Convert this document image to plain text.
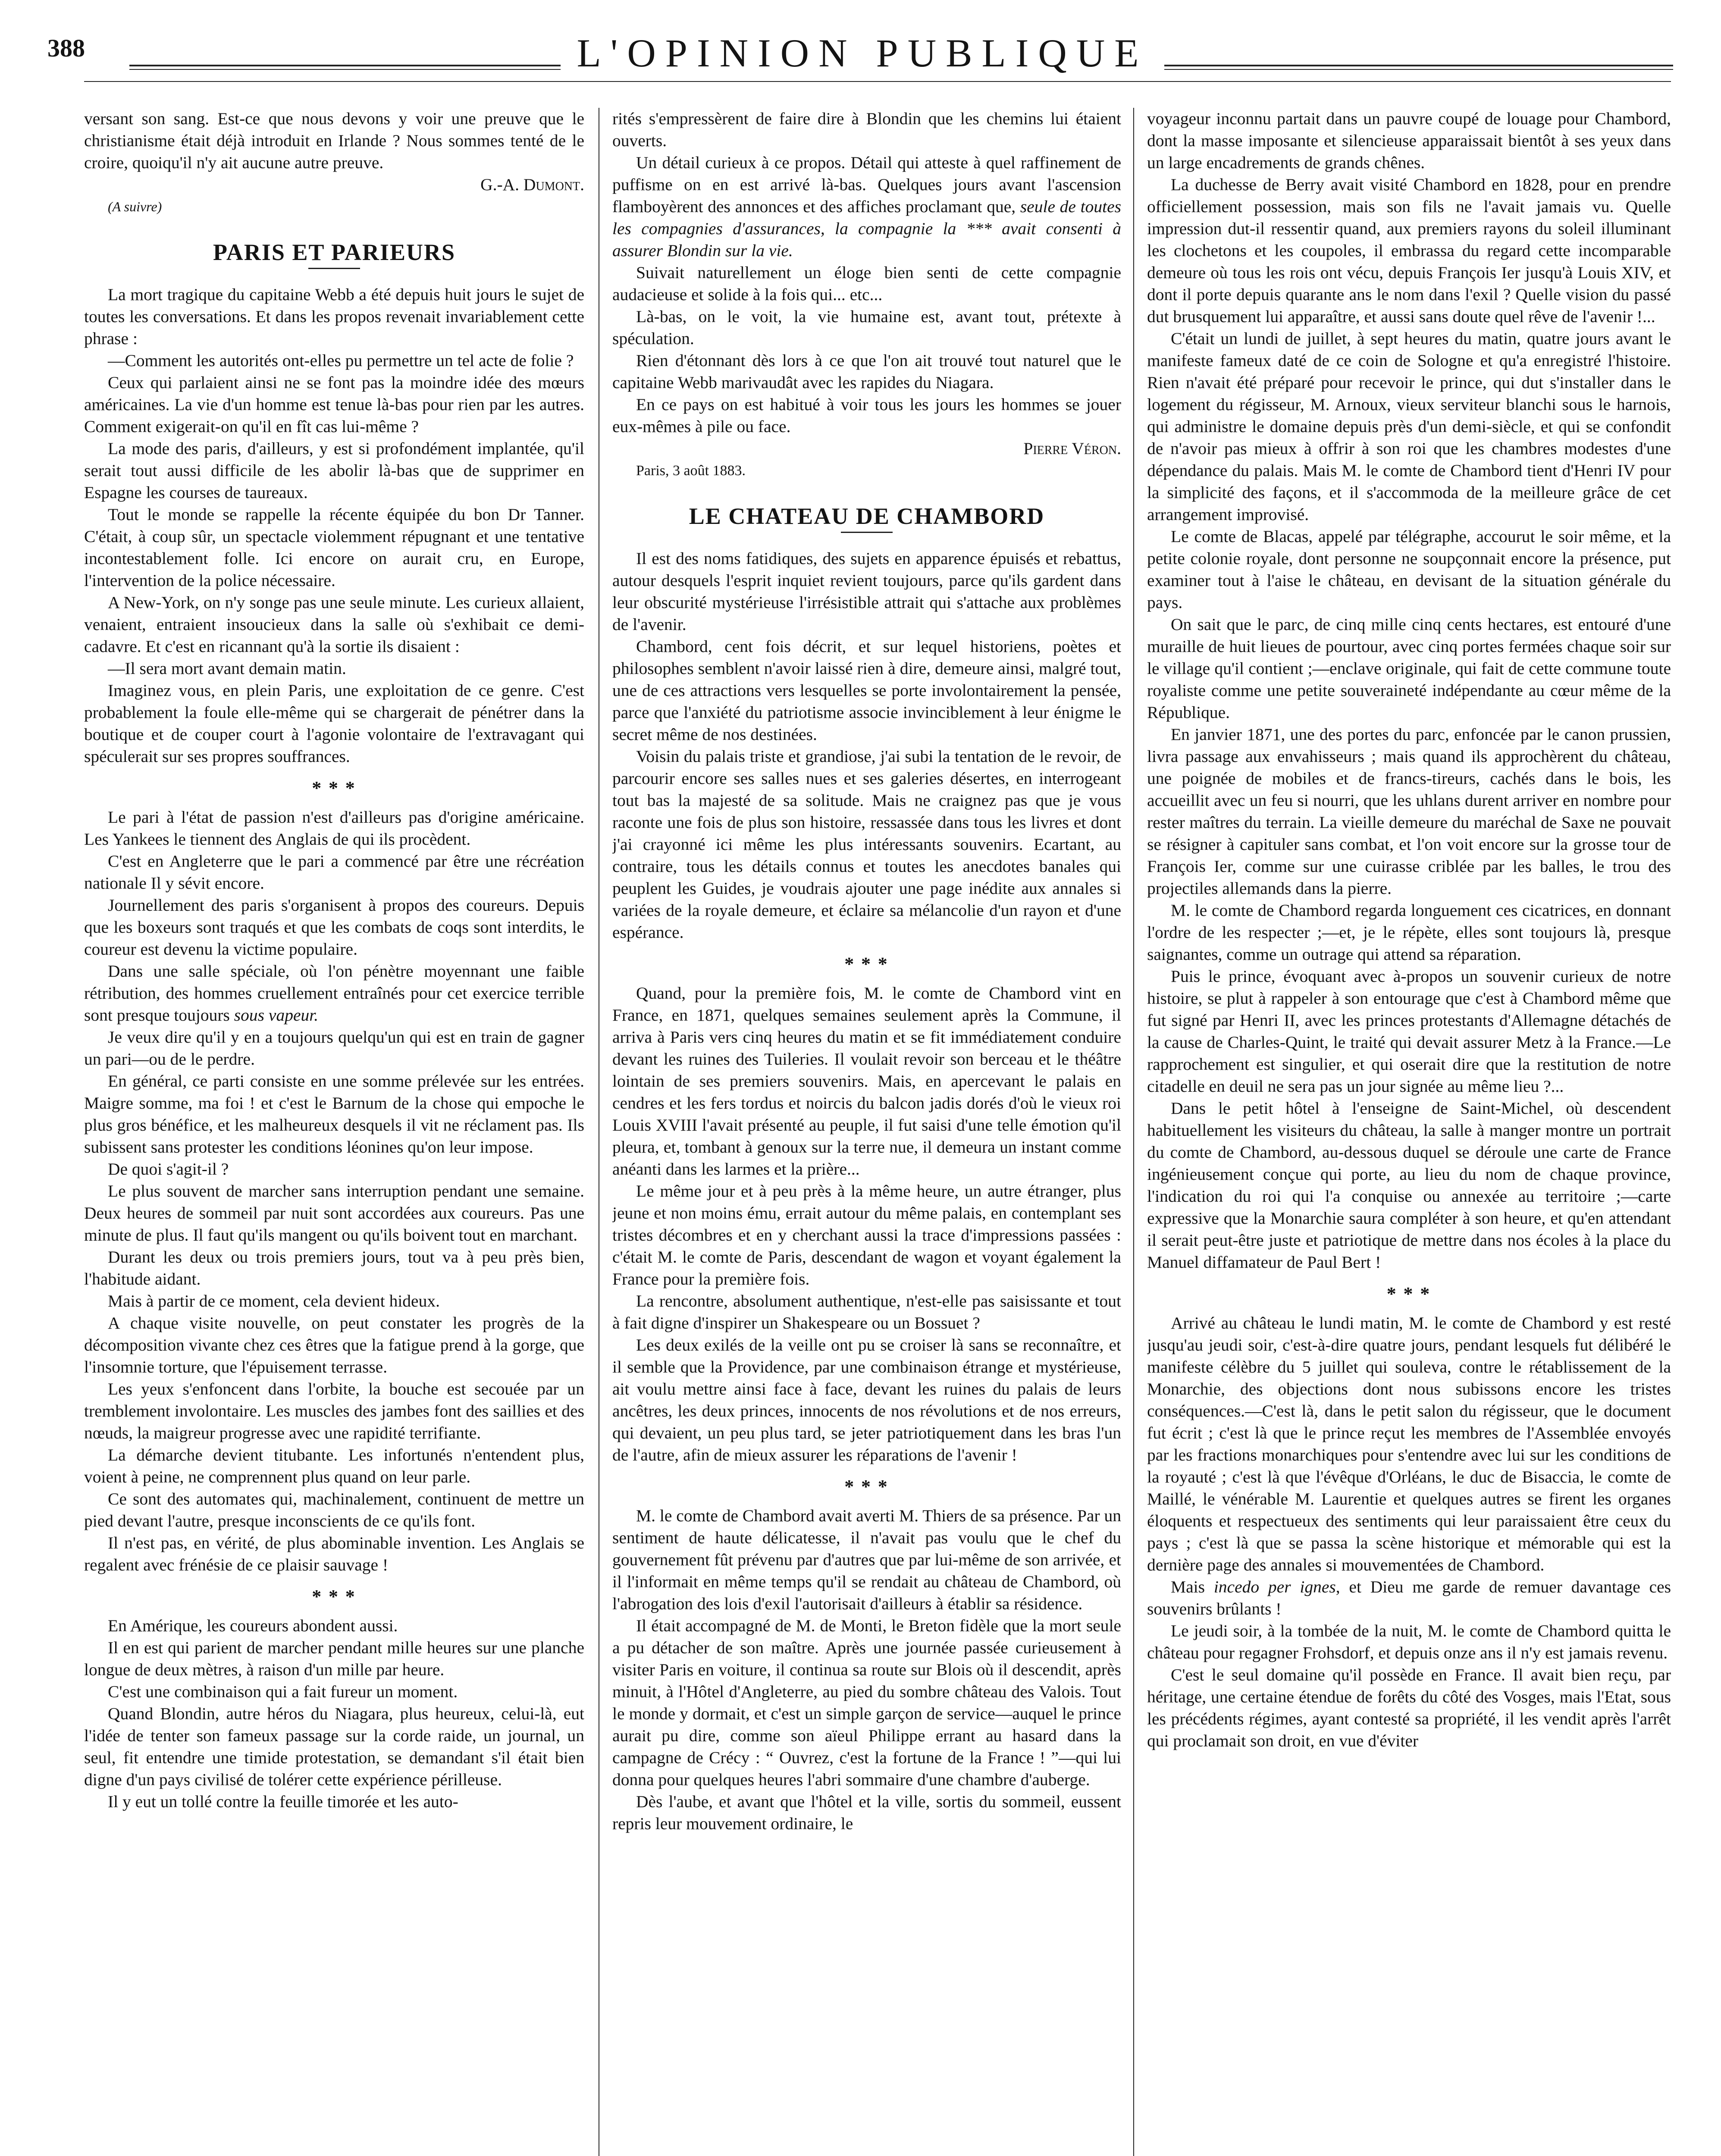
388	L'OPINION PUBLIQUE

versant son sang. Est-ce que nous devons y voir une preuve que le christianisme était déjà introduit en Irlande ? Nous sommes tenté de le croire, quoiqu'il n'y ait aucune autre preuve.

G.-A. Dumont.

(A suivre)

PARIS ET PARIEURS

La mort tragique du capitaine Webb a été depuis huit jours le sujet de toutes les conversations. Et dans les propos revenait invariablement cette phrase :

—Comment les autorités ont-elles pu permettre un tel acte de folie ?

Ceux qui parlaient ainsi ne se font pas la moindre idée des mœurs américaines. La vie d'un homme est tenue là-bas pour rien par les autres. Comment exigerait-on qu'il en fît cas lui-même ?

La mode des paris, d'ailleurs, y est si profondément implantée, qu'il serait tout aussi difficile de les abolir là-bas que de supprimer en Espagne les courses de taureaux.

Tout le monde se rappelle la récente équipée du bon Dr Tanner. C'était, à coup sûr, un spectacle violemment répugnant et une tentative incontestablement folle. Ici encore on aurait cru, en Europe, l'intervention de la police nécessaire.

A New-York, on n'y songe pas une seule minute. Les curieux allaient, venaient, entraient insoucieux dans la salle où s'exhibait ce demi-cadavre. Et c'est en ricannant qu'à la sortie ils disaient :

—Il sera mort avant demain matin.

Imaginez vous, en plein Paris, une exploitation de ce genre. C'est probablement la foule elle-même qui se chargerait de pénétrer dans la boutique et de couper court à l'agonie volontaire de l'extravagant qui spéculerait sur ses propres souffrances.

* * *

Le pari à l'état de passion n'est d'ailleurs pas d'origine américaine. Les Yankees le tiennent des Anglais de qui ils procèdent.

C'est en Angleterre que le pari a commencé par être une récréation nationale Il y sévit encore.

Journellement des paris s'organisent à propos des coureurs. Depuis que les boxeurs sont traqués et que les combats de coqs sont interdits, le coureur est devenu la victime populaire.

Dans une salle spéciale, où l'on pénètre moyennant une faible rétribution, des hommes cruellement entraînés pour cet exercice terrible sont presque toujours sous vapeur.

Je veux dire qu'il y en a toujours quelqu'un qui est en train de gagner un pari—ou de le perdre.

En général, ce parti consiste en une somme prélevée sur les entrées. Maigre somme, ma foi ! et c'est le Barnum de la chose qui empoche le plus gros bénéfice, et les malheureux desquels il vit ne réclament pas. Ils subissent sans protester les conditions léonines qu'on leur impose.

De quoi s'agit-il ?

Le plus souvent de marcher sans interruption pendant une semaine. Deux heures de sommeil par nuit sont accordées aux coureurs. Pas une minute de plus. Il faut qu'ils mangent ou qu'ils boivent tout en marchant.

Durant les deux ou trois premiers jours, tout va à peu près bien, l'habitude aidant.

Mais à partir de ce moment, cela devient hideux.

A chaque visite nouvelle, on peut constater les progrès de la décomposition vivante chez ces êtres que la fatigue prend à la gorge, que l'insomnie torture, que l'épuisement terrasse.

Les yeux s'enfoncent dans l'orbite, la bouche est secouée par un tremblement involontaire. Les muscles des jambes font des saillies et des nœuds, la maigreur progresse avec une rapidité terrifiante.

La démarche devient titubante. Les infortunés n'entendent plus, voient à peine, ne comprennent plus quand on leur parle.

Ce sont des automates qui, machinalement, continuent de mettre un pied devant l'autre, presque inconscients de ce qu'ils font.

Il n'est pas, en vérité, de plus abominable invention. Les Anglais se regalent avec frénésie de ce plaisir sauvage !

* * *

En Amérique, les coureurs abondent aussi.

Il en est qui parient de marcher pendant mille heures sur une planche longue de deux mètres, à raison d'un mille par heure.

C'est une combinaison qui a fait fureur un moment.

Quand Blondin, autre héros du Niagara, plus heureux, celui-là, eut l'idée de tenter son fameux passage sur la corde raide, un journal, un seul, fit entendre une timide protestation, se demandant s'il était bien digne d'un pays civilisé de tolérer cette expérience périlleuse.

Il y eut un tollé contre la feuille timorée et les auto-

rités s'empressèrent de faire dire à Blondin que les chemins lui étaient ouverts.

Un détail curieux à ce propos. Détail qui atteste à quel raffinement de puffisme on en est arrivé là-bas. Quelques jours avant l'ascension flamboyèrent des annonces et des affiches proclamant que, seule de toutes les compagnies d'assurances, la compagnie la *** avait consenti à assurer Blondin sur la vie.

Suivait naturellement un éloge bien senti de cette compagnie audacieuse et solide à la fois qui... etc...

Là-bas, on le voit, la vie humaine est, avant tout, prétexte à spéculation.

Rien d'étonnant dès lors à ce que l'on ait trouvé tout naturel que le capitaine Webb marivaudât avec les rapides du Niagara.

En ce pays on est habitué à voir tous les jours les hommes se jouer eux-mêmes à pile ou face.

Pierre Véron.

Paris, 3 août 1883.

LE CHATEAU DE CHAMBORD

Il est des noms fatidiques, des sujets en apparence épuisés et rebattus, autour desquels l'esprit inquiet revient toujours, parce qu'ils gardent dans leur obscurité mystérieuse l'irrésistible attrait qui s'attache aux problèmes de l'avenir.

Chambord, cent fois décrit, et sur lequel historiens, poètes et philosophes semblent n'avoir laissé rien à dire, demeure ainsi, malgré tout, une de ces attractions vers lesquelles se porte involontairement la pensée, parce que l'anxiété du patriotisme associe invinciblement à leur énigme le secret même de nos destinées.

Voisin du palais triste et grandiose, j'ai subi la tentation de le revoir, de parcourir encore ses salles nues et ses galeries désertes, en interrogeant tout bas la majesté de sa solitude. Mais ne craignez pas que je vous raconte une fois de plus son histoire, ressassée dans tous les livres et dont j'ai crayonné ici même les plus intéressants souvenirs. Ecartant, au contraire, tous les détails connus et toutes les anecdotes banales qui peuplent les Guides, je voudrais ajouter une page inédite aux annales si variées de la royale demeure, et éclaire sa mélancolie d'un rayon et d'une espérance.

* * *

Quand, pour la première fois, M. le comte de Chambord vint en France, en 1871, quelques semaines seulement après la Commune, il arriva à Paris vers cinq heures du matin et se fit immédiatement conduire devant les ruines des Tuileries. Il voulait revoir son berceau et le théâtre lointain de ses premiers souvenirs. Mais, en apercevant le palais en cendres et les fers tordus et noircis du balcon jadis dorés d'où le vieux roi Louis XVIII l'avait présenté au peuple, il fut saisi d'une telle émotion qu'il pleura, et, tombant à genoux sur la terre nue, il demeura un instant comme anéanti dans les larmes et la prière...

Le même jour et à peu près à la même heure, un autre étranger, plus jeune et non moins ému, errait autour du même palais, en contemplant ses tristes décombres et en y cherchant aussi la trace d'impressions passées : c'était M. le comte de Paris, descendant de wagon et voyant également la France pour la première fois.

La rencontre, absolument authentique, n'est-elle pas saisissante et tout à fait digne d'inspirer un Shakespeare ou un Bossuet ?

Les deux exilés de la veille ont pu se croiser là sans se reconnaître, et il semble que la Providence, par une combinaison étrange et mystérieuse, ait voulu mettre ainsi face à face, devant les ruines du palais de leurs ancêtres, les deux princes, innocents de nos révolutions et de nos erreurs, qui devaient, un peu plus tard, se jeter patriotiquement dans les bras l'un de l'autre, afin de mieux assurer les réparations de l'avenir !

* * *

M. le comte de Chambord avait averti M. Thiers de sa présence. Par un sentiment de haute délicatesse, il n'avait pas voulu que le chef du gouvernement fût prévenu par d'autres que par lui-même de son arrivée, et il l'informait en même temps qu'il se rendait au château de Chambord, où l'abrogation des lois d'exil l'autorisait d'ailleurs à établir sa résidence.

Il était accompagné de M. de Monti, le Breton fidèle que la mort seule a pu détacher de son maître. Après une journée passée curieusement à visiter Paris en voiture, il continua sa route sur Blois où il descendit, après minuit, à l'Hôtel d'Angleterre, au pied du sombre château des Valois. Tout le monde y dormait, et c'est un simple garçon de service—auquel le prince aurait pu dire, comme son aïeul Philippe errant au hasard dans la campagne de Crécy : “ Ouvrez, c'est la fortune de la France ! ”—qui lui donna pour quelques heures l'abri sommaire d'une chambre d'auberge.

Dès l'aube, et avant que l'hôtel et la ville, sortis du sommeil, eussent repris leur mouvement ordinaire, le

voyageur inconnu partait dans un pauvre coupé de louage pour Chambord, dont la masse imposante et silencieuse apparaissait bientôt à ses yeux dans un large encadrements de grands chênes.

La duchesse de Berry avait visité Chambord en 1828, pour en prendre officiellement possession, mais son fils ne l'avait jamais vu. Quelle impression dut-il ressentir quand, aux premiers rayons du soleil illuminant les clochetons et les coupoles, il embrassa du regard cette incomparable demeure où tous les rois ont vécu, depuis François Ier jusqu'à Louis XIV, et dont il porte depuis quarante ans le nom dans l'exil ? Quelle vision du passé dut brusquement lui apparaître, et aussi sans doute quel rêve de l'avenir !...

C'était un lundi de juillet, à sept heures du matin, quatre jours avant le manifeste fameux daté de ce coin de Sologne et qu'a enregistré l'histoire. Rien n'avait été préparé pour recevoir le prince, qui dut s'installer dans le logement du régisseur, M. Arnoux, vieux serviteur blanchi sous le harnois, qui administre le domaine depuis près d'un demi-siècle, et qui se confondit de n'avoir pas mieux à offrir à son roi que les chambres modestes d'une dépendance du palais. Mais M. le comte de Chambord tient d'Henri IV pour la simplicité des façons, et il s'accommoda de la meilleure grâce de cet arrangement improvisé.

Le comte de Blacas, appelé par télégraphe, accourut le soir même, et la petite colonie royale, dont personne ne soupçonnait encore la présence, put examiner tout à l'aise le château, en devisant de la situation générale du pays.

On sait que le parc, de cinq mille cinq cents hectares, est entouré d'une muraille de huit lieues de pourtour, avec cinq portes fermées chaque soir sur le village qu'il contient ;—enclave originale, qui fait de cette commune toute royaliste comme une petite souveraineté indépendante au cœur même de la République.

En janvier 1871, une des portes du parc, enfoncée par le canon prussien, livra passage aux envahisseurs ; mais quand ils approchèrent du château, une poignée de mobiles et de francs-tireurs, cachés dans le bois, les accueillit avec un feu si nourri, que les uhlans durent arriver en nombre pour rester maîtres du terrain. La vieille demeure du maréchal de Saxe ne pouvait se résigner à capituler sans combat, et l'on voit encore sur la grosse tour de François Ier, comme sur une cuirasse criblée par les balles, le trou des projectiles allemands dans la pierre.

M. le comte de Chambord regarda longuement ces cicatrices, en donnant l'ordre de les respecter ;—et, je le répète, elles sont toujours là, presque saignantes, comme un outrage qui attend sa réparation.

Puis le prince, évoquant avec à-propos un souvenir curieux de notre histoire, se plut à rappeler à son entourage que c'est à Chambord même que fut signé par Henri II, avec les princes protestants d'Allemagne détachés de la cause de Charles-Quint, le traité qui devait assurer Metz à la France.—Le rapprochement est singulier, et qui oserait dire que la restitution de notre citadelle en deuil ne sera pas un jour signée au même lieu ?...

Dans le petit hôtel à l'enseigne de Saint-Michel, où descendent habituellement les visiteurs du château, la salle à manger montre un portrait du comte de Chambord, au-dessous duquel se déroule une carte de France ingénieusement conçue qui porte, au lieu du nom de chaque province, l'indication du roi qui l'a conquise ou annexée au territoire ;—carte expressive que la Monarchie saura compléter à son heure, et qu'en attendant il serait peut-être juste et patriotique de mettre dans nos écoles à la place du Manuel diffamateur de Paul Bert !

* * *

Arrivé au château le lundi matin, M. le comte de Chambord y est resté jusqu'au jeudi soir, c'est-à-dire quatre jours, pendant lesquels fut délibéré le manifeste célèbre du 5 juillet qui souleva, contre le rétablissement de la Monarchie, des objections dont nous subissons encore les tristes conséquences.—C'est là, dans le petit salon du régisseur, que le document fut écrit ; c'est là que le prince reçut les membres de l'Assemblée envoyés par les fractions monarchiques pour s'entendre avec lui sur les conditions de la royauté ; c'est là que l'évêque d'Orléans, le duc de Bisaccia, le comte de Maillé, le vénérable M. Laurentie et quelques autres se firent les organes éloquents et respectueux des sentiments qui leur paraissaient être ceux du pays ; c'est là que se passa la scène historique et mémorable qui est la dernière page des annales si mouvementées de Chambord.

Mais incedo per ignes, et Dieu me garde de remuer davantage ces souvenirs brûlants !

Le jeudi soir, à la tombée de la nuit, M. le comte de Chambord quitta le château pour regagner Frohsdorf, et depuis onze ans il n'y est jamais revenu.

C'est le seul domaine qu'il possède en France. Il avait bien reçu, par héritage, une certaine étendue de forêts du côté des Vosges, mais l'Etat, sous les précédents régimes, ayant contesté sa propriété, il les vendit après l'arrêt qui proclamait son droit, en vue d'éviter
